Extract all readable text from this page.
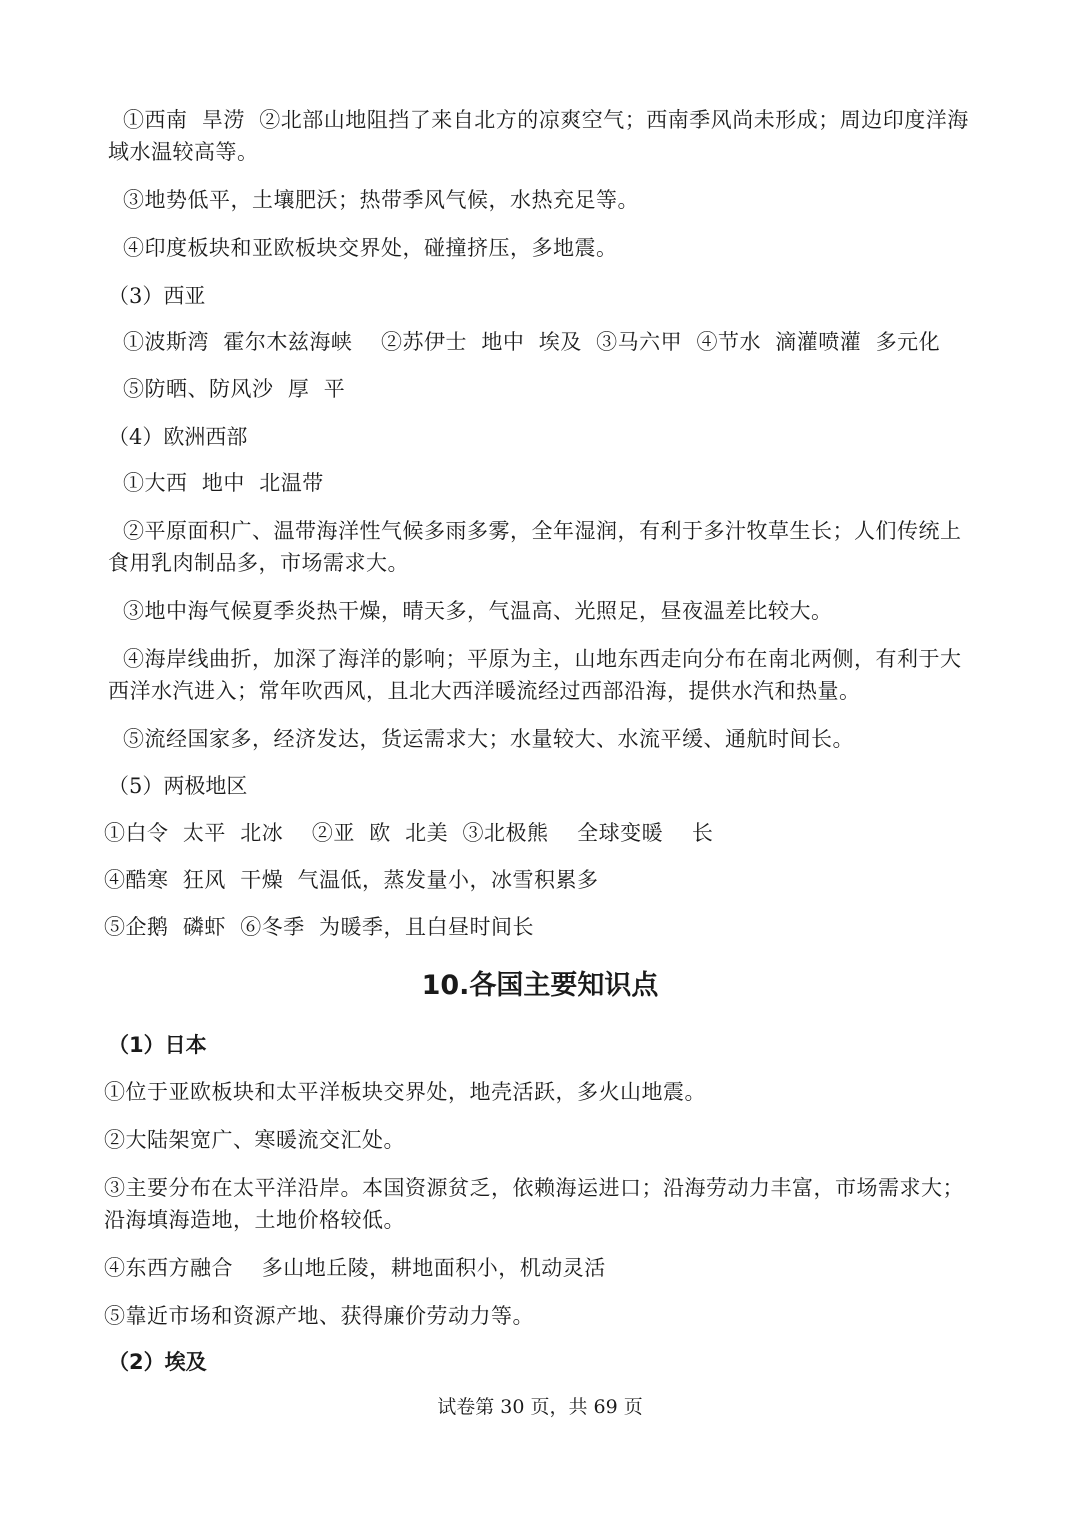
①西南  旱涝  ②北部山地阻挡了来自北方的凉爽空气；西南季风尚未形成；周边印度洋海
域水温较高等。
③地势低平，土壤肥沃；热带季风气候，水热充足等。
④印度板块和亚欧板块交界处，碰撞挤压，多地震。
（3）西亚
①波斯湾  霍尔木兹海峡    ②苏伊士  地中  埃及  ③马六甲  ④节水  滴灌喷灌  多元化
⑤防晒、防风沙  厚  平
（4）欧洲西部
①大西  地中  北温带
②平原面积广、温带海洋性气候多雨多雾，全年湿润，有利于多汁牧草生长；人们传统上
食用乳肉制品多，市场需求大。
③地中海气候夏季炎热干燥，晴天多，气温高、光照足，昼夜温差比较大。
④海岸线曲折，加深了海洋的影响；平原为主，山地东西走向分布在南北两侧，有利于大
西洋水汽进入；常年吹西风，且北大西洋暖流经过西部沿海，提供水汽和热量。
⑤流经国家多，经济发达，货运需求大；水量较大、水流平缓、通航时间长。
（5）两极地区
①白令  太平  北冰    ②亚  欧  北美  ③北极熊    全球变暖    长
④酷寒  狂风  干燥  气温低，蒸发量小，冰雪积累多
⑤企鹅  磷虾  ⑥冬季  为暖季，且白昼时间长
10.各国主要知识点
（1）日本
①位于亚欧板块和太平洋板块交界处，地壳活跃，多火山地震。
②大陆架宽广、寒暖流交汇处。
③主要分布在太平洋沿岸。本国资源贫乏，依赖海运进口；沿海劳动力丰富，市场需求大；
沿海填海造地，土地价格较低。
④东西方融合    多山地丘陵，耕地面积小，机动灵活
⑤靠近市场和资源产地、获得廉价劳动力等。
（2）埃及
试卷第 30 页，共 69 页
